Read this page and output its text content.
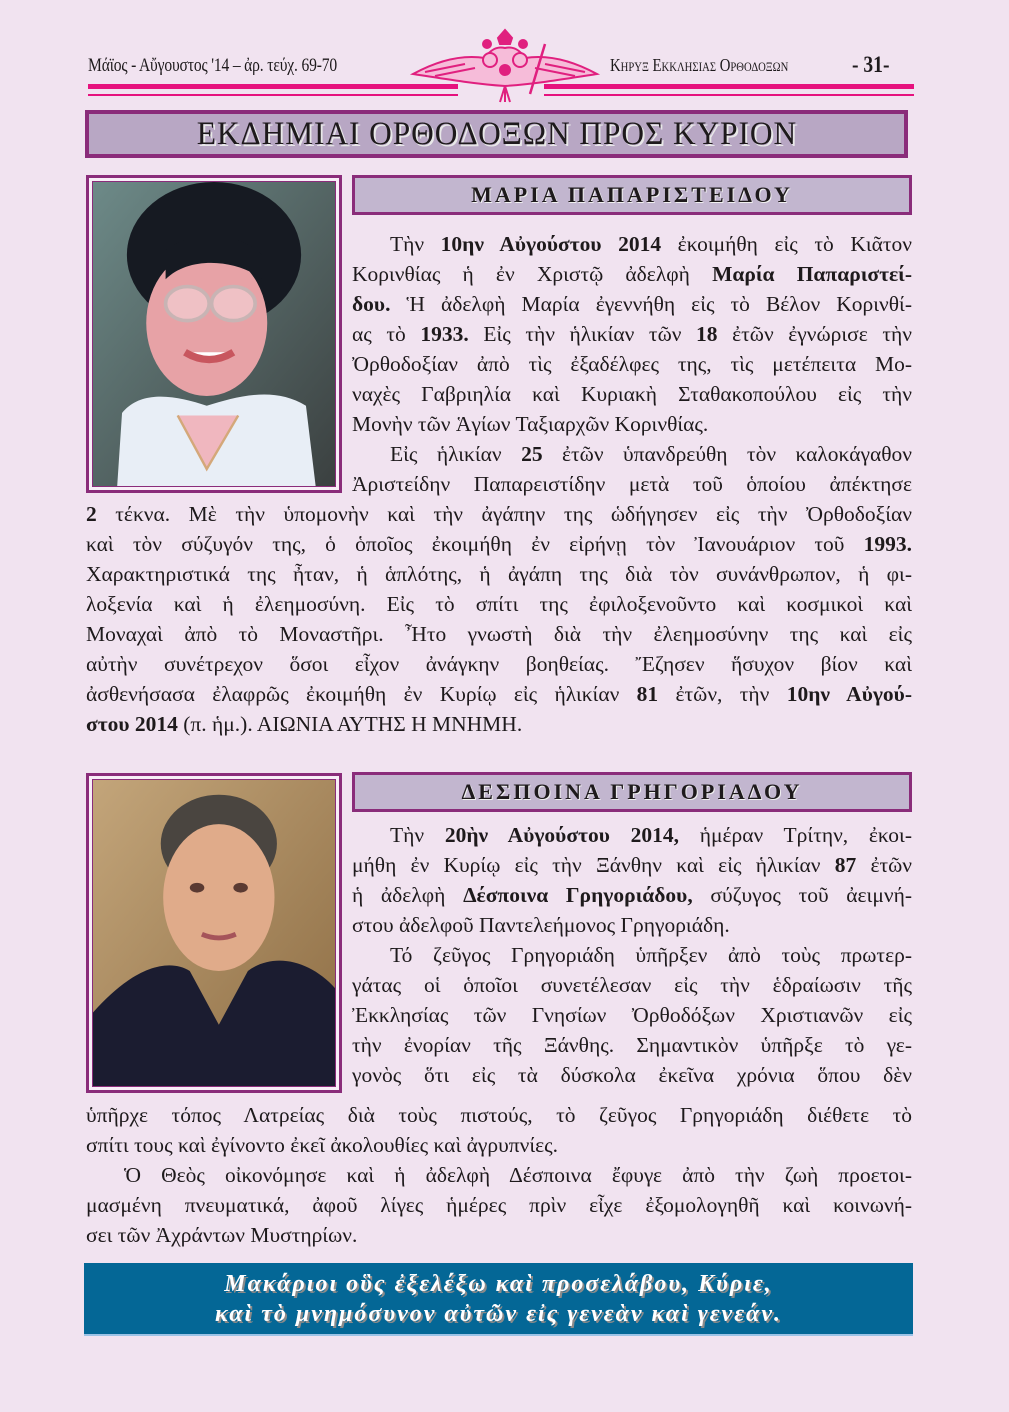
Μάϊος - Αὔγουστος '14 – ἀρ. τεύχ. 69-70	Κηρυξ Εκκλησιας Ορθοδοξων	- 31-
ΕΚΔΗΜΙΑΙ ΟΡΘΟΔΟΞΩΝ ΠΡΟΣ ΚΥΡΙΟΝ
ΜΑΡΙΑ ΠΑΠΑΡΙΣΤΕΙΔΟΥ
Τὴν 10ην Αὐγούστου 2014 ἐκοιμήθη εἰς τὸ Κιᾶτον
Κορινθίας ἡ ἐν Χριστῷ ἀδελφὴ Μαρία Παπαριστεί-
δου. Ἡ ἀδελφὴ Μαρία ἐγεννήθη εἰς τὸ Βέλον Κορινθί-
ας τὸ 1933. Εἰς τὴν ἡλικίαν τῶν 18 ἐτῶν ἐγνώρισε τὴν
Ὀρθοδοξίαν ἀπὸ τὶς ἐξαδέλφες της, τὶς μετέπειτα Μο-
ναχὲς Γαβριηλία καὶ Κυριακὴ Σταθακοπούλου εἰς τὴν
Μονὴν τῶν Ἁγίων Ταξιαρχῶν Κορινθίας.
Εἰς ἡλικίαν 25 ἐτῶν ὑπανδρεύθη τὸν καλοκάγαθον
Ἀριστείδην Παπαρειστίδην μετὰ τοῦ ὁποίου ἀπέκτησε
2 τέκνα. Μὲ τὴν ὑπομονὴν καὶ τὴν ἀγάπην της ὡδήγησεν εἰς τὴν Ὀρθοδοξίαν
καὶ τὸν σύζυγόν της, ὁ ὁποῖος ἐκοιμήθη ἐν εἰρήνῃ τὸν Ἰανουάριον τοῦ 1993.
Χαρακτηριστικά της ἦταν, ἡ ἁπλότης, ἡ ἀγάπη της διὰ τὸν συνάνθρωπον, ἡ φι-
λοξενία καὶ ἡ ἐλεημοσύνη. Εἰς τὸ σπίτι της ἐφιλοξενοῦντο καὶ κοσμικοὶ καὶ
Μοναχαὶ ἀπὸ τὸ Μοναστῆρι. Ἦτο γνωστὴ διὰ τὴν ἐλεημοσύνην της καὶ εἰς
αὐτὴν συνέτρεχον ὅσοι εἶχον ἀνάγκην βοηθείας. Ἔζησεν ἥσυχον βίον καὶ
ἀσθενήσασα ἐλαφρῶς ἐκοιμήθη ἐν Κυρίῳ εἰς ἡλικίαν 81 ἐτῶν, τὴν 10ην Αὐγού-
στου 2014 (π. ἡμ.). ΑΙΩΝΙΑ ΑΥΤΗΣ Η ΜΝΗΜΗ.
ΔΕΣΠΟΙΝΑ ΓΡΗΓΟΡΙΑΔΟΥ
Τὴν 20ὴν Αὐγούστου 2014, ἡμέραν Τρίτην, ἐκοι-
μήθη ἐν Κυρίῳ εἰς τὴν Ξάνθην καὶ εἰς ἡλικίαν 87 ἐτῶν
ἡ ἀδελφὴ Δέσποινα Γρηγοριάδου, σύζυγος τοῦ ἀειμνή-
στου ἀδελφοῦ Παντελεήμονος Γρηγοριάδη.
Τό ζεῦγος Γρηγοριάδη ὑπῆρξεν ἀπὸ τοὺς πρωτερ-
γάτας οἱ ὁποῖοι συνετέλεσαν εἰς τὴν ἑδραίωσιν τῆς
Ἐκκλησίας τῶν Γνησίων Ὀρθοδόξων Χριστιανῶν εἰς
τὴν ἐνορίαν τῆς Ξάνθης. Σημαντικὸν ὑπῆρξε τὸ γε-
γονὸς ὅτι εἰς τὰ δύσκολα ἐκεῖνα χρόνια ὅπου δὲν
ὑπῆρχε τόπος Λατρείας διὰ τοὺς πιστούς, τὸ ζεῦγος Γρηγοριάδη διέθετε τὸ
σπίτι τους καὶ ἐγίνοντο ἐκεῖ ἀκολουθίες καὶ ἀγρυπνίες.
Ὁ Θεὸς οἰκονόμησε καὶ ἡ ἀδελφὴ Δέσποινα ἔφυγε ἀπὸ τὴν ζωὴ προετοι-
μασμένη πνευματικά, ἀφοῦ λίγες ἡμέρες πρὶν εἶχε ἐξομολογηθῆ καὶ κοινωνή-
σει τῶν Ἀχράντων Μυστηρίων.
Μακάριοι οὓς ἐξελέξω καὶ προσελάβου, Κύριε,
καὶ τὸ μνημόσυνον αὐτῶν εἰς γενεὰν καὶ γενεάν.
